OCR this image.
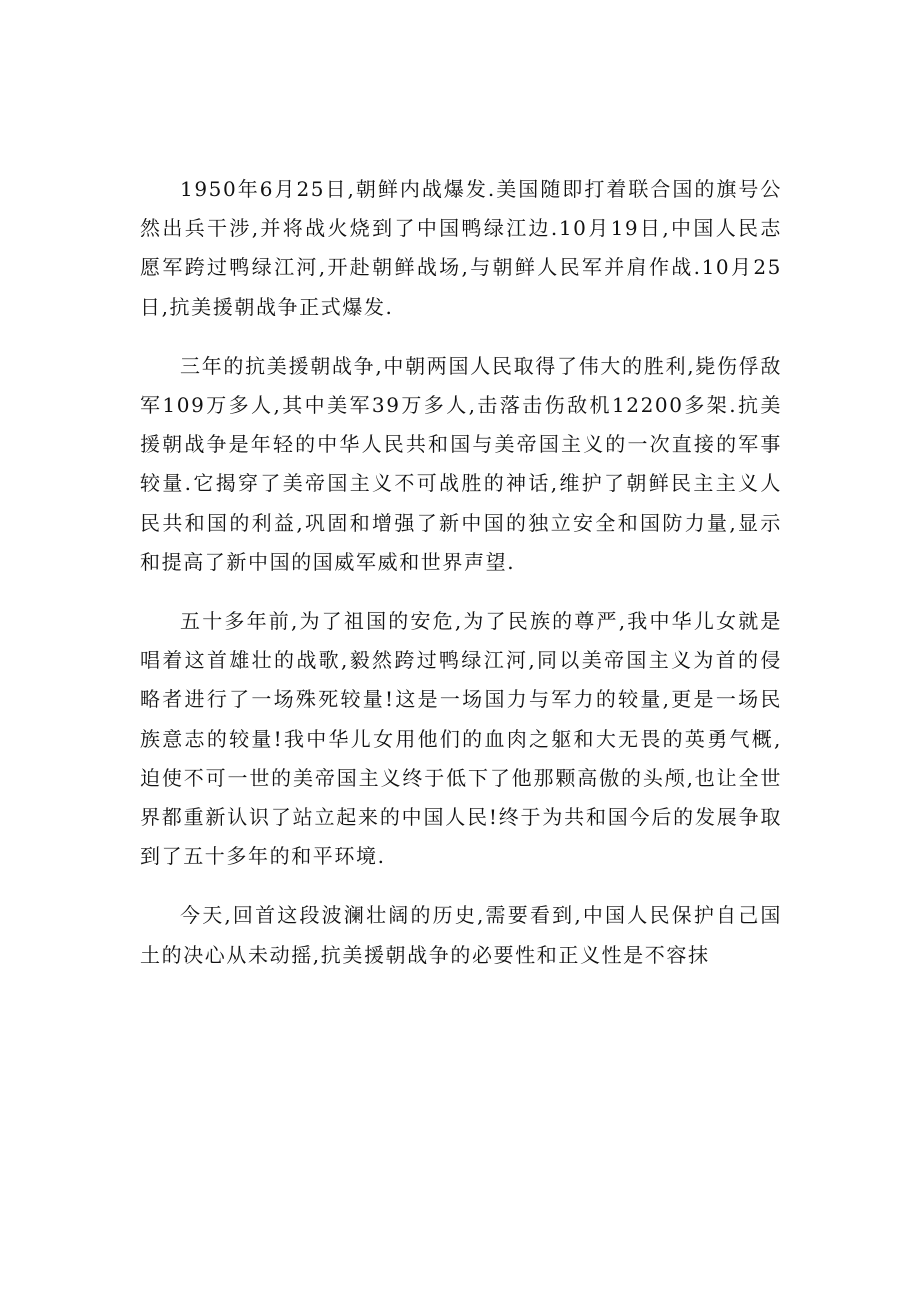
1950年6月25日,朝鲜内战爆发.美国随即打着联合国的旗号公然出兵干涉,并将战火烧到了中国鸭绿江边.10月19日,中国人民志愿军跨过鸭绿江河,开赴朝鲜战场,与朝鲜人民军并肩作战.10月25日,抗美援朝战争正式爆发.

三年的抗美援朝战争,中朝两国人民取得了伟大的胜利,毙伤俘敌军109万多人,其中美军39万多人,击落击伤敌机12200多架.抗美援朝战争是年轻的中华人民共和国与美帝国主义的一次直接的军事较量.它揭穿了美帝国主义不可战胜的神话,维护了朝鲜民主主义人民共和国的利益,巩固和增强了新中国的独立安全和国防力量,显示和提高了新中国的国威军威和世界声望.

五十多年前,为了祖国的安危,为了民族的尊严,我中华儿女就是唱着这首雄壮的战歌,毅然跨过鸭绿江河,同以美帝国主义为首的侵略者进行了一场殊死较量!这是一场国力与军力的较量,更是一场民族意志的较量!我中华儿女用他们的血肉之躯和大无畏的英勇气概,迫使不可一世的美帝国主义终于低下了他那颗高傲的头颅,也让全世界都重新认识了站立起来的中国人民!终于为共和国今后的发展争取到了五十多年的和平环境.

今天,回首这段波澜壮阔的历史,需要看到,中国人民保护自己国土的决心从未动摇,抗美援朝战争的必要性和正义性是不容抹
